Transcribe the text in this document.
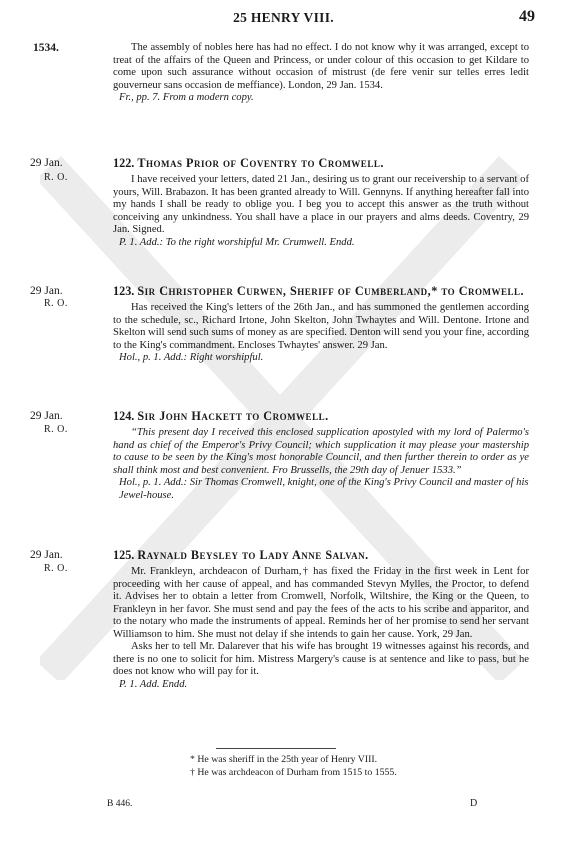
25 HENRY VIII.	49
1534.	The assembly of nobles here has had no effect. I do not know why it was arranged, except to treat of the affairs of the Queen and Princess, or under colour of this occasion to get Kildare to come upon such assurance without occasion of mistrust (de fere venir sur telles erres ledit gouverneur sans occasion de meffiance). London, 29 Jan. 1534.

Fr., pp. 7. From a modern copy.

29 Jan.
R. O.

122. Thomas Prior of Coventry to Cromwell.

I have received your letters, dated 21 Jan., desiring us to grant our receivership to a servant of yours, Will. Brabazon. It has been granted already to Will. Gennyns. If anything hereafter fall into my hands I shall be ready to oblige you. I beg you to accept this answer as the truth without conceiving any unkindness. You shall have a place in our prayers and alms deeds. Coventry, 29 Jan. Signed.

P. 1. Add.: To the right worshipful Mr. Crumwell. Endd.

29 Jan.
R. O.

123. Sir Christopher Curwen, Sheriff of Cumberland,* to Cromwell.

Has received the King's letters of the 26th Jan., and has summoned the gentlemen according to the schedule, sc., Richard Irtone, John Skelton, John Twhaytes and Will. Dentone. Irtone and Skelton will send such sums of money as are specified. Denton will send you your fine, according to the King's commandment. Encloses Twhaytes' answer. 29 Jan.

Hol., p. 1. Add.: Right worshipful.

29 Jan.
R. O.

124. Sir John Hackett to Cromwell.

“This present day I received this enclosed supplication apostyled with my lord of Palermo's hand as chief of the Emperor's Privy Council; which supplication it may please your mastership to cause to be seen by the King's most honorable Council, and then further therein to order as ye shall think most and best convenient. Fro Brussells, the 29th day of Jenuer 1533.”

Hol., p. 1. Add.: Sir Thomas Cromwell, knight, one of the King's Privy Council and master of his Jewel-house.

29 Jan.
R. O.

125. Raynald Beysley to Lady Anne Salvan.

Mr. Frankleyn, archdeacon of Durham,† has fixed the Friday in the first week in Lent for proceeding with her cause of appeal, and has commanded Stevyn Mylles, the Proctor, to defend it. Advises her to obtain a letter from Cromwell, Norfolk, Wiltshire, the King or the Queen, to Frankleyn in her favor. She must send and pay the fees of the acts to his scribe and apparitor, and to the notary who made the instruments of appeal. Reminds her of her promise to send her servant Williamson to him. She must not delay if she intends to gain her cause. York, 29 Jan.

Asks her to tell Mr. Dalarever that his wife has brought 19 witnesses against his records, and there is no one to solicit for him. Mistress Margery's cause is at sentence and like to pass, but he does not know who will pay for it.

P. 1. Add. Endd.

* He was sheriff in the 25th year of Henry VIII.
† He was archdeacon of Durham from 1515 to 1555.
B 446.	D
